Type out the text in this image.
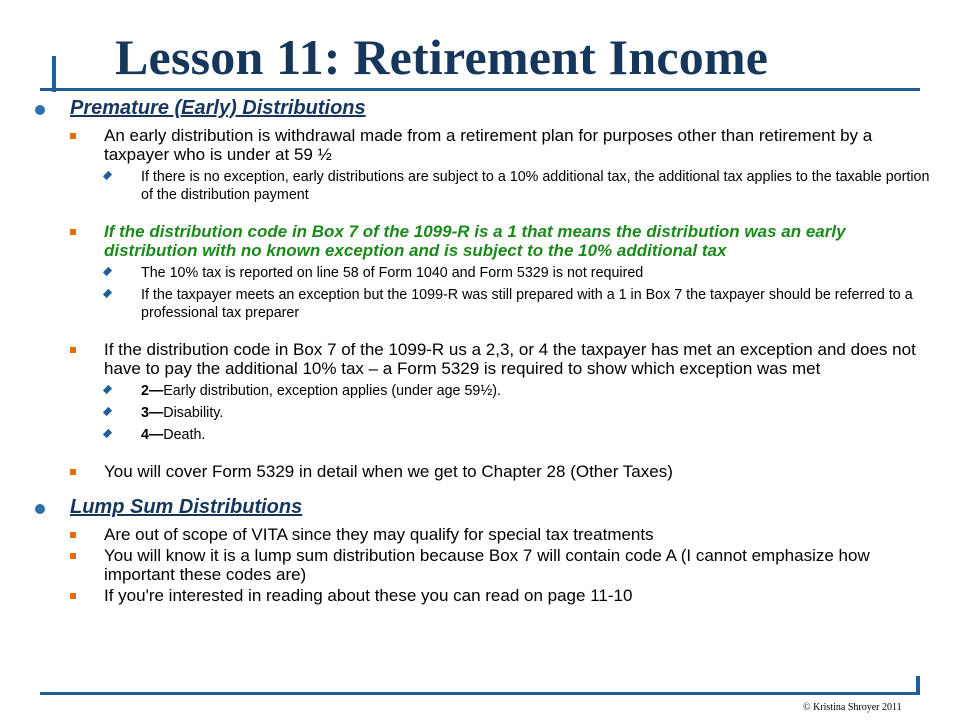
Lesson 11: Retirement Income
Premature (Early) Distributions
An early distribution is withdrawal made from a retirement plan for purposes other than retirement by a taxpayer who is under at 59 ½
If there is no exception, early distributions are subject to a 10% additional tax, the additional tax applies to the taxable portion of the distribution payment
If the distribution code in Box 7 of the 1099-R is a 1 that means the distribution was an early distribution with no known exception and is subject to the 10% additional tax
The 10% tax is reported on line 58 of Form 1040 and Form 5329 is not required
If the taxpayer meets an exception but the 1099-R was still prepared with a 1 in Box 7 the taxpayer should be referred to a professional tax preparer
If the distribution code in Box 7 of the 1099-R us a 2,3, or 4 the taxpayer has met an exception and does not have to pay the additional 10% tax – a Form 5329 is required to show which exception was met
2—Early distribution, exception applies (under age 59½).
3—Disability.
4—Death.
You will cover Form 5329 in detail when we get to Chapter 28 (Other Taxes)
Lump Sum Distributions
Are out of scope of VITA since they may qualify for special tax treatments
You will know it is a lump sum distribution because Box 7 will contain code A (I cannot emphasize how important these codes are)
If you're interested in reading about these you can read on page 11-10
© Kristina Shroyer 2011
